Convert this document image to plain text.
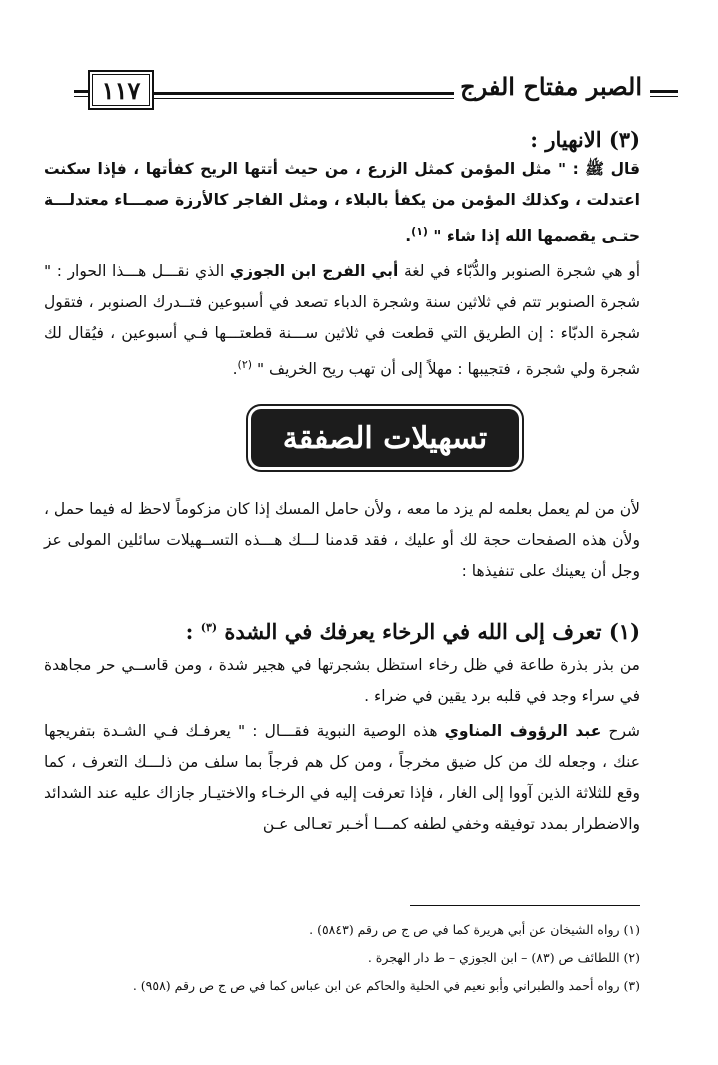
الصبر مفتاح الفرج
١١٧
(٣) الانهيار :

قال ﷺ : " مثل المؤمن كمثل الزرع ، من حيث أتتها الريح كفأتها ، فإذا سكنت اعتدلت ، وكذلك المؤمن من يكفأ بالبلاء ، ومثل الفاجر كالأرزة صمـــاء معتدلـــة حتـى يقصمها الله إذا شاء " $^{(١)}$.

أو هي شجرة الصنوبر والدُّبّاء في لغة أبي الفرج ابن الجوزي الذي نقـــل هـــذا الحوار : " شجرة الصنوبر تتم في ثلاثين سنة وشجرة الدباء تصعد في أسبوعين فتــدرك الصنوبر ، فتقول شجرة الدبّاء : إن الطريق التي قطعت في ثلاثين ســـنة قطعتـــها فـي أسبوعين ، فيُقال لك شجرة ولي شجرة ، فتجيبها : مهلاً إلى أن تهب ريح الخريف " $^{(٢)}$.

تسهيلات الصفقة

لأن من لم يعمل بعلمه لم يزد ما معه ، ولأن حامل المسك إذا كان مزكوماً لاحظ له فيما حمل ، ولأن هذه الصفحات حجة لك أو عليك ، فقد قدمنا لـــك هـــذه التســهيلات سائلين المولى عز وجل أن يعينك على تنفيذها :

(١) تعرف إلى الله في الرخاء يعرفك في الشدة $^{(٣)}$ :

من بذر بذرة طاعة في ظل رخاء استظل بشجرتها في هجير شدة ، ومن قاســي حر مجاهدة في سراء وجد في قلبه برد يقين في ضراء .

شرح عبد الرؤوف المناوي هذه الوصية النبوية فقـــال : " يعرفـك فـي الشـدة بتفريجها عنك ، وجعله لك من كل ضيق مخرجاً ، ومن كل هم فرجاً بما سلف من ذلـــك التعرف ، كما وقع للثلاثة الذين آووا إلى الغار ، فإذا تعرفت إليه في الرخـاء والاختيـار جازاك عليه عند الشدائد والاضطرار بمدد توفيقه وخفي لطفه كمـــا أخـبر تعـالى عـن

(١) رواه الشيخان عن أبي هريرة كما في ص ج ص رقم (٥٨٤٣) .

(٢) اللطائف ص (٨٣) – ابن الجوزي – ط دار الهجرة .

(٣) رواه أحمد والطبراني وأبو نعيم في الحلية والحاكم عن ابن عباس كما في ص ج ص رقم (٩٥٨) .
